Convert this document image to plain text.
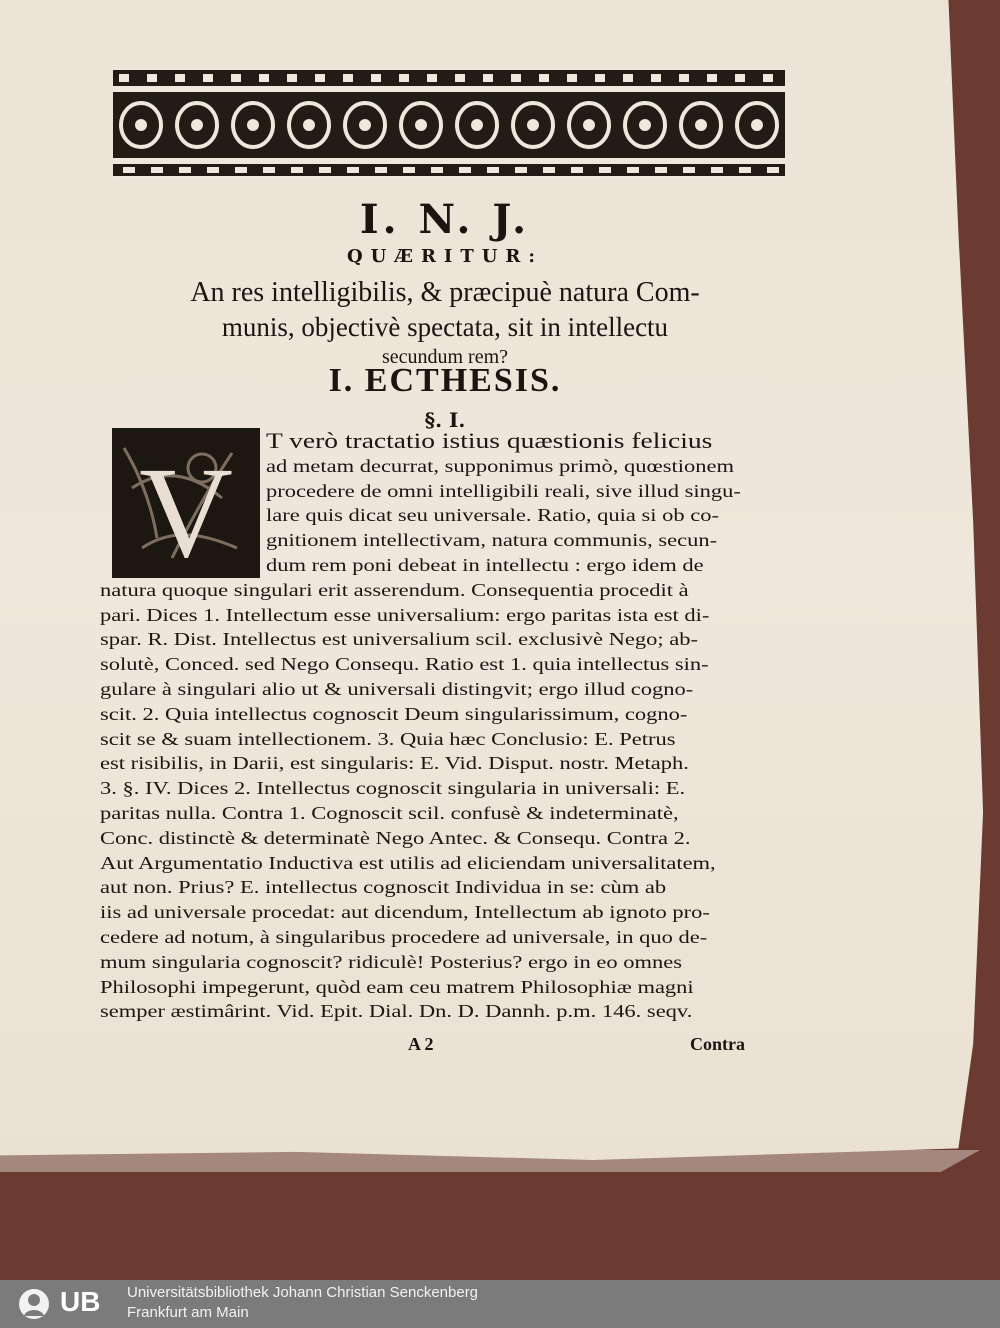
I. N. J.
QUÆRITUR:
An res intelligibilis, & præcipuè natura Com-
munis, objectivè spectata, sit in intellectu
secundum rem?
I. ECTHESIS.
§. I.
V
T verò tractatio istius quæstionis felicius
ad metam decurrat, supponimus primò, quœstionem
procedere de omni intelligibili reali, sive illud singu-
lare quis dicat seu universale. Ratio, quia si ob co-
gnitionem intellectivam, natura communis, secun-
dum rem poni debeat in intellectu : ergo idem de
natura quoque singulari erit asserendum. Consequentia procedit à
pari. Dices 1. Intellectum esse universalium: ergo paritas ista est di-
spar. R. Dist. Intellectus est universalium scil. exclusivè Nego; ab-
solutè, Conced. sed Nego Consequ. Ratio est 1. quia intellectus sin-
gulare à singulari alio ut & universali distingvit; ergo illud cogno-
scit. 2. Quia intellectus cognoscit Deum singularissimum, cogno-
scit se & suam intellectionem. 3. Quia hæc Conclusio: E. Petrus
est risibilis, in Darii, est singularis: E. Vid. Disput. nostr. Metaph.
3. §. IV. Dices 2. Intellectus cognoscit singularia in universali: E.
paritas nulla. Contra 1. Cognoscit scil. confusè & indeterminatè,
Conc. distinctè & determinatè Nego Antec. & Consequ. Contra 2.
Aut Argumentatio Inductiva est utilis ad eliciendam universalitatem,
aut non. Prius? E. intellectus cognoscit Individua in se: cùm ab
iis ad universale procedat: aut dicendum, Intellectum ab ignoto pro-
cedere ad notum, à singularibus procedere ad universale, in quo de-
mum singularia cognoscit? ridiculè! Posterius? ergo in eo omnes
Philosophi impegerunt, quòd eam ceu matrem Philosophiæ magni
semper æstimârint. Vid. Epit. Dial. Dn. D. Dannh. p.m. 146. seqv.
A 2	Contra
UB Universitätsbibliothek Johann Christian Senckenberg
Frankfurt am Main
